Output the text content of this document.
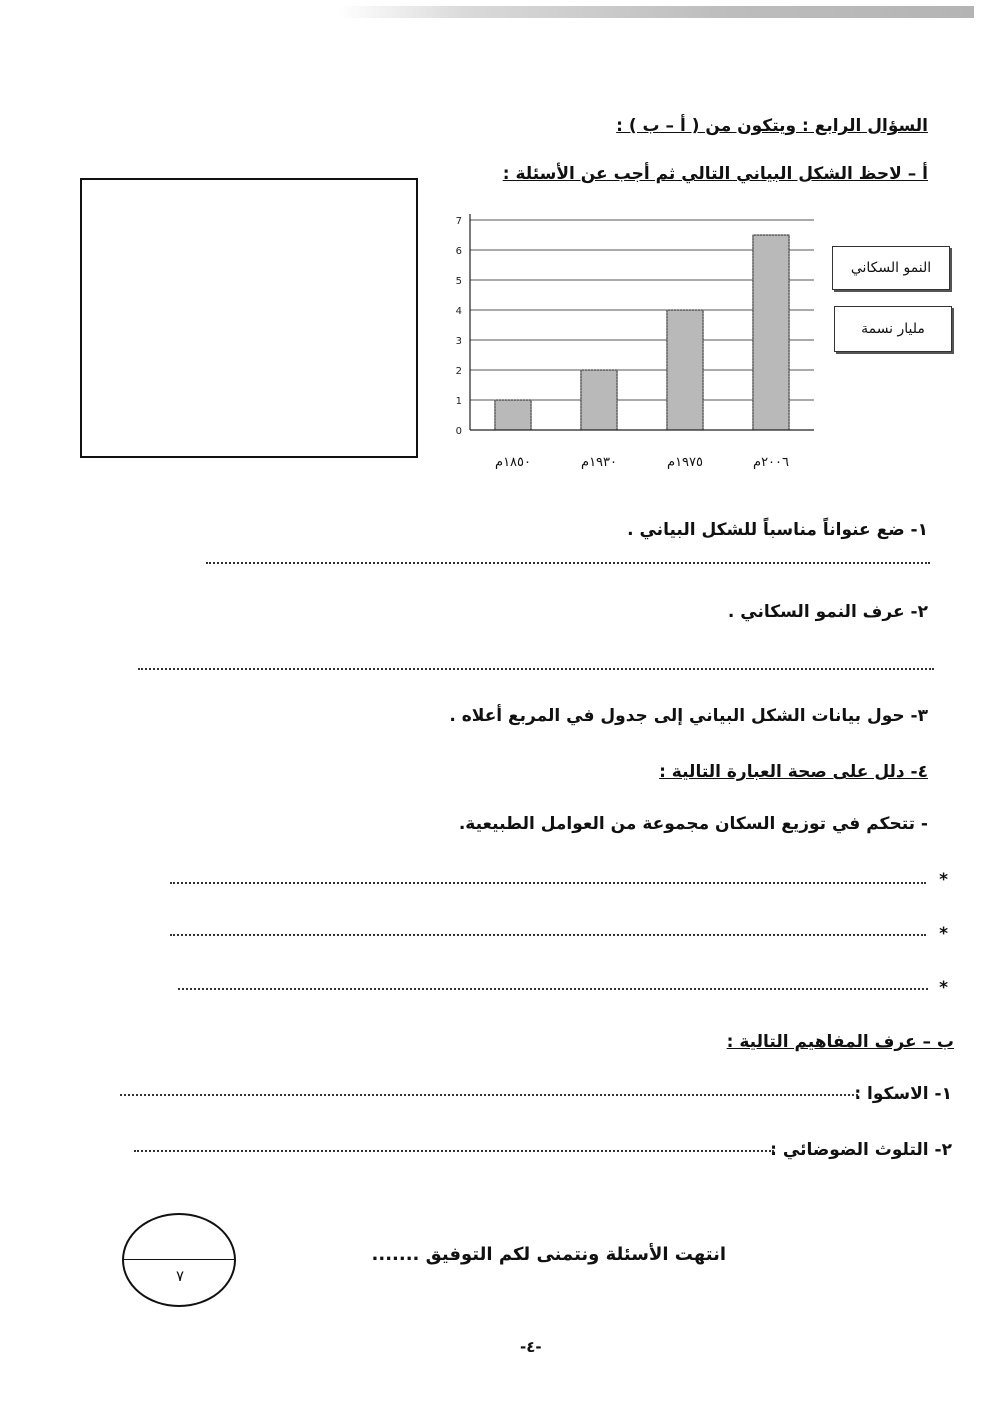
السؤال الرابع : ويتكون من ( أ – ب ) :
أ – لاحظ الشكل البياني التالي ثم أجب عن الأسئلة :
0
1
2
3
4
5
6
7
١٨٥٠م	١٩٣٠م	١٩٧٥م	٢٠٠٦م
النمو السكاني
مليار نسمة
١- ضع عنواناً مناسباً للشكل البياني .
٢- عرف النمو السكاني .
٣- حول بيانات الشكل البياني إلى جدول في المربع أعلاه .
٤- دلل على صحة العبارة التالية :
- تتحكم في توزيع السكان مجموعة من العوامل الطبيعية.
*
*
*
ب – عرف المفاهيم التالية :
١- الاسكوا :
٢- التلوث الضوضائي :
٧
انتهت الأسئلة ونتمنى لكم التوفيق .......
-٤-
